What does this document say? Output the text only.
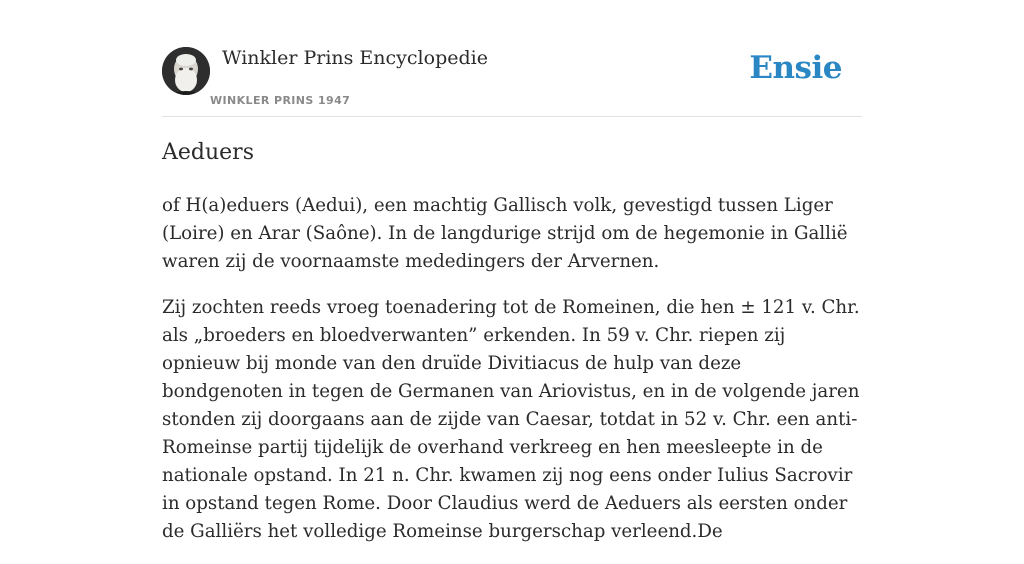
Winkler Prins Encyclopedie
WINKLER PRINS 1947
Ensie
Aeduers

of H(a)eduers (Aedui), een machtig Gallisch volk, gevestigd tussen Liger (Loire) en Arar (Saône). In de langdurige strijd om de hegemonie in Gallië waren zij de voornaamste mededingers der Arvernen.

Zij zochten reeds vroeg toenadering tot de Romeinen, die hen ± 121 v. Chr. als „broeders en bloedverwanten” erkenden. In 59 v. Chr. riepen zij opnieuw bij monde van den druïde Divitiacus de hulp van deze bondgenoten in tegen de Germanen van Ariovistus, en in de volgende jaren stonden zij doorgaans aan de zijde van Caesar, totdat in 52 v. Chr. een anti-Romeinse partij tijdelijk de overhand verkreeg en hen meesleepte in de nationale opstand. In 21 n. Chr. kwamen zij nog eens onder Iulius Sacrovir in opstand tegen Rome. Door Claudius werd de Aeduers als eersten onder de Galliërs het volledige Romeinse burgerschap verleend.De
